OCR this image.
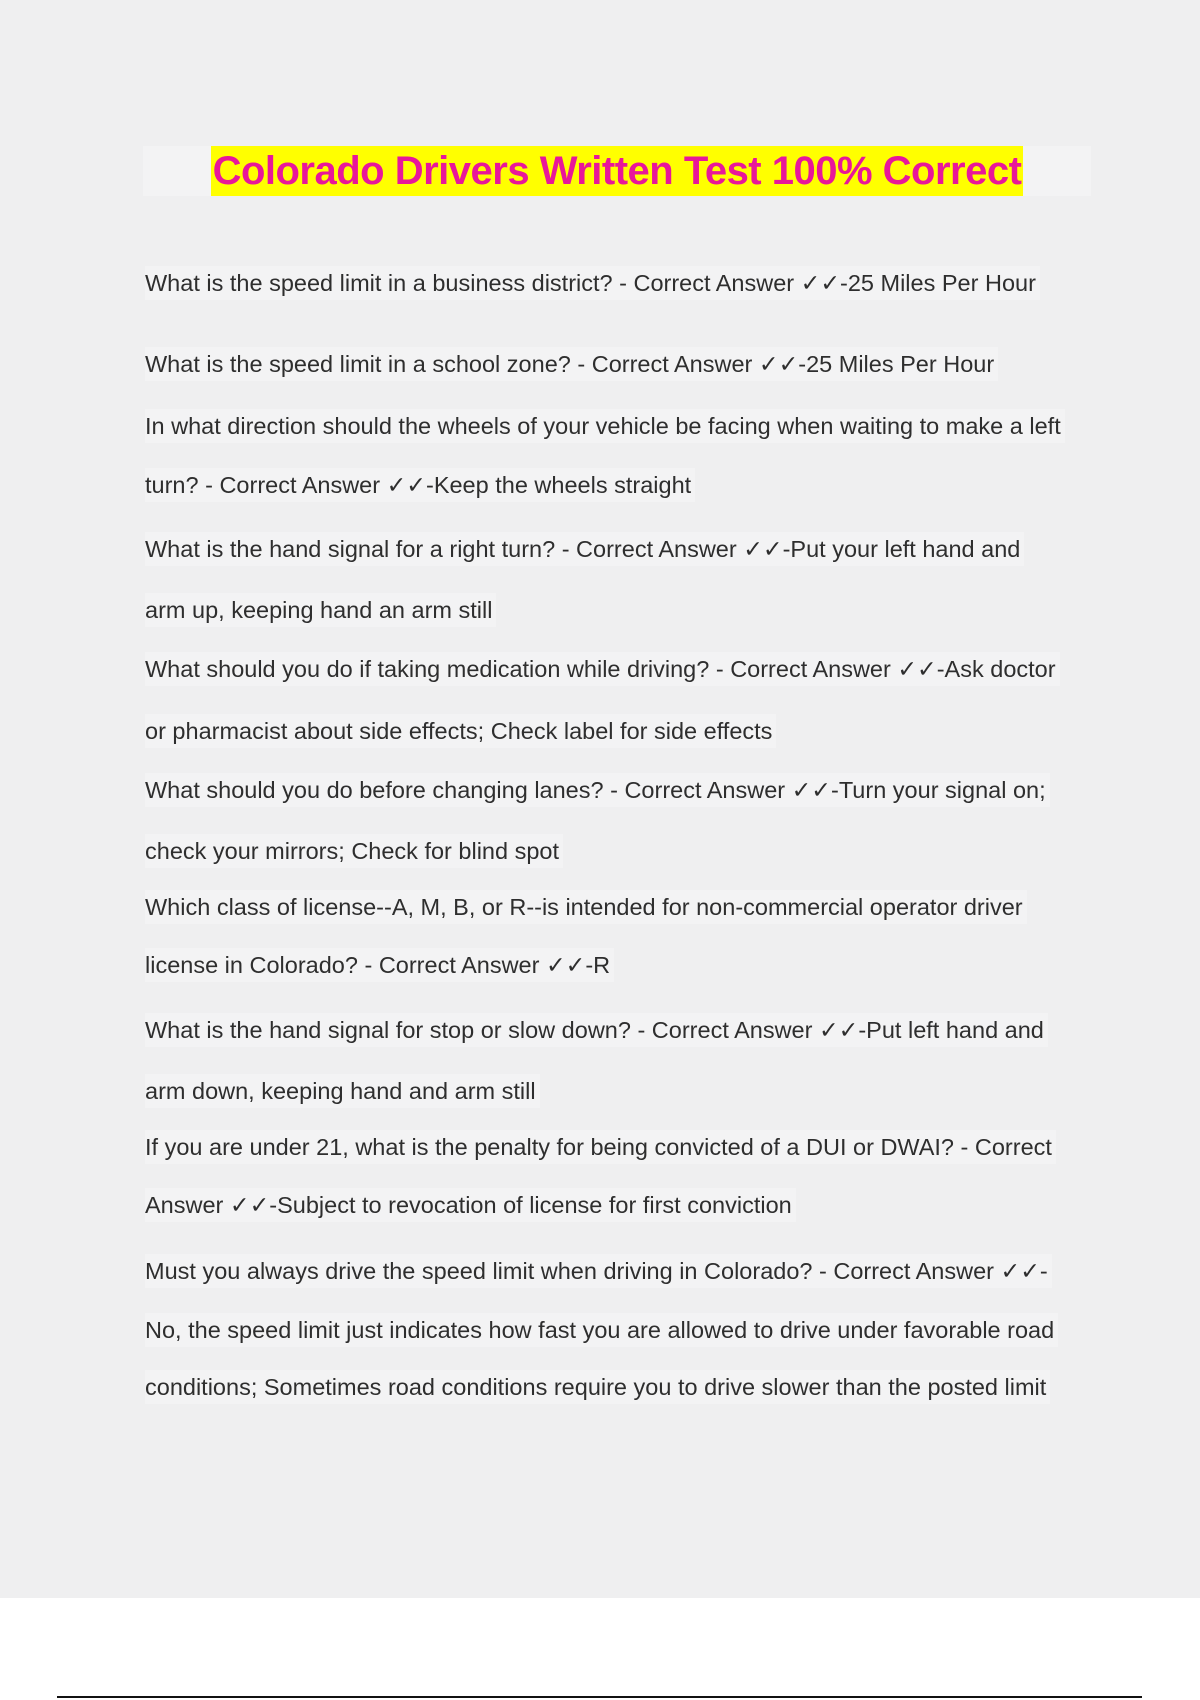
Colorado Drivers Written Test 100% Correct
What is the speed limit in a business district? - Correct Answer ✓✓-25 Miles Per Hour
What is the speed limit in a school zone? - Correct Answer ✓✓-25 Miles Per Hour
In what direction should the wheels of your vehicle be facing when waiting to make a left
turn? - Correct Answer ✓✓-Keep the wheels straight
What is the hand signal for a right turn? - Correct Answer ✓✓-Put your left hand and
arm up, keeping hand an arm still
What should you do if taking medication while driving? - Correct Answer ✓✓-Ask doctor
or pharmacist about side effects; Check label for side effects
What should you do before changing lanes? - Correct Answer ✓✓-Turn your signal on;
check your mirrors; Check for blind spot
Which class of license--A, M, B, or R--is intended for non-commercial operator driver
license in Colorado? - Correct Answer ✓✓-R
What is the hand signal for stop or slow down? - Correct Answer ✓✓-Put left hand and
arm down, keeping hand and arm still
If you are under 21, what is the penalty for being convicted of a DUI or DWAI? - Correct
Answer ✓✓-Subject to revocation of license for first conviction
Must you always drive the speed limit when driving in Colorado? - Correct Answer ✓✓-
No, the speed limit just indicates how fast you are allowed to drive under favorable road
conditions; Sometimes road conditions require you to drive slower than the posted limit
